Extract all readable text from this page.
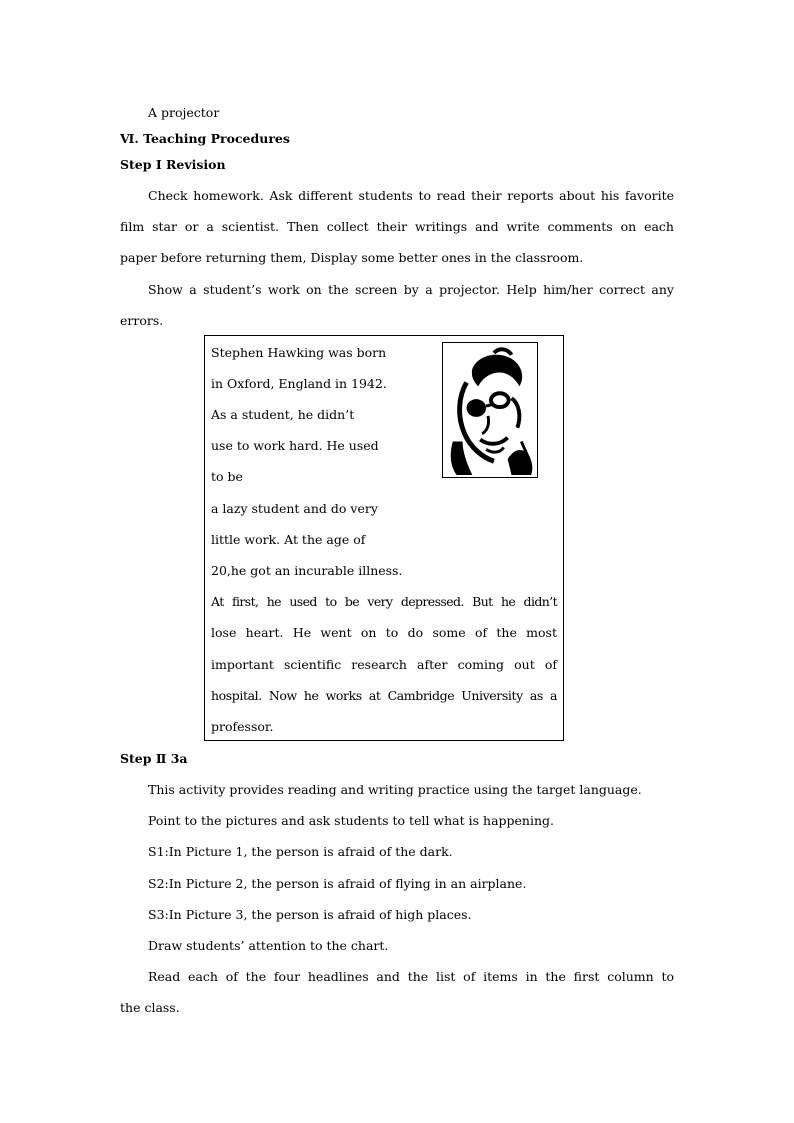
A projector
Ⅵ. Teaching Procedures
Step Ⅰ Revision
Check homework. Ask different students to read their reports about his favorite
film star or a scientist. Then collect their writings and write comments on each
paper before returning them, Display some better ones in the classroom.
Show a student’s work on the screen by a projector. Help him/her correct any
errors.
Stephen Hawking was born
in Oxford, England in 1942.
As a student, he didn’t
use to work hard. He used
to be
a lazy student and do very
little work. At the age of
20,he got an incurable illness.
At first, he used to be very depressed. But he didn’t
lose heart. He went on to do some of the most
important scientific research after coming out of
hospital. Now he works at Cambridge University as a
professor.
Step Ⅱ 3a
This activity provides reading and writing practice using the target language.
Point to the pictures and ask students to tell what is happening.
S1:In Picture 1, the person is afraid of the dark.
S2:In Picture 2, the person is afraid of flying in an airplane.
S3:In Picture 3, the person is afraid of high places.
Draw students’ attention to the chart.
Read each of the four headlines and the list of items in the first column to
the class.
